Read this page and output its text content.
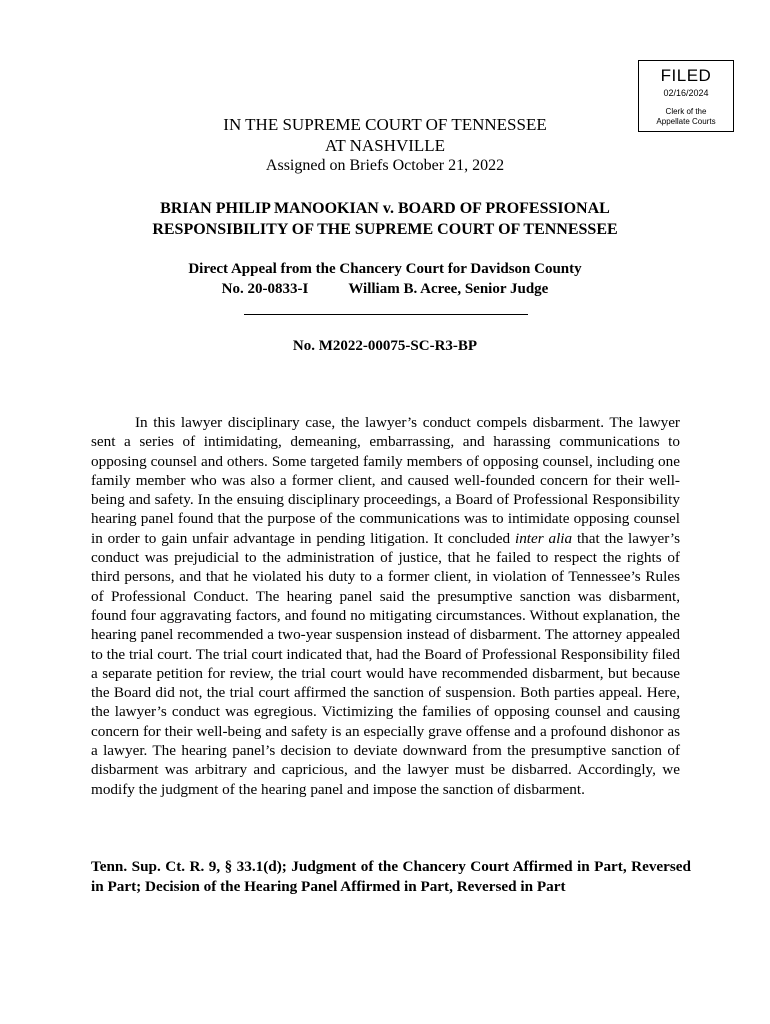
FILED
02/16/2024
Clerk of the
Appellate Courts
IN THE SUPREME COURT OF TENNESSEE
AT NASHVILLE
Assigned on Briefs October 21, 2022
BRIAN PHILIP MANOOKIAN v. BOARD OF PROFESSIONAL
RESPONSIBILITY OF THE SUPREME COURT OF TENNESSEE
Direct Appeal from the Chancery Court for Davidson County
No. 20-0833-I	William B. Acree, Senior Judge
No. M2022-00075-SC-R3-BP

In this lawyer disciplinary case, the lawyer’s conduct compels disbarment. The lawyer sent a series of intimidating, demeaning, embarrassing, and harassing communications to opposing counsel and others. Some targeted family members of opposing counsel, including one family member who was also a former client, and caused well-founded concern for their well-being and safety. In the ensuing disciplinary proceedings, a Board of Professional Responsibility hearing panel found that the purpose of the communications was to intimidate opposing counsel in order to gain unfair advantage in pending litigation. It concluded inter alia that the lawyer’s conduct was prejudicial to the administration of justice, that he failed to respect the rights of third persons, and that he violated his duty to a former client, in violation of Tennessee’s Rules of Professional Conduct. The hearing panel said the presumptive sanction was disbarment, found four aggravating factors, and found no mitigating circumstances. Without explanation, the hearing panel recommended a two-year suspension instead of disbarment. The attorney appealed to the trial court. The trial court indicated that, had the Board of Professional Responsibility filed a separate petition for review, the trial court would have recommended disbarment, but because the Board did not, the trial court affirmed the sanction of suspension. Both parties appeal. Here, the lawyer’s conduct was egregious. Victimizing the families of opposing counsel and causing concern for their well-being and safety is an especially grave offense and a profound dishonor as a lawyer. The hearing panel’s decision to deviate downward from the presumptive sanction of disbarment was arbitrary and capricious, and the lawyer must be disbarred. Accordingly, we modify the judgment of the hearing panel and impose the sanction of disbarment.

Tenn. Sup. Ct. R. 9, § 33.1(d); Judgment of the Chancery Court Affirmed in Part, Reversed in Part; Decision of the Hearing Panel Affirmed in Part, Reversed in Part
